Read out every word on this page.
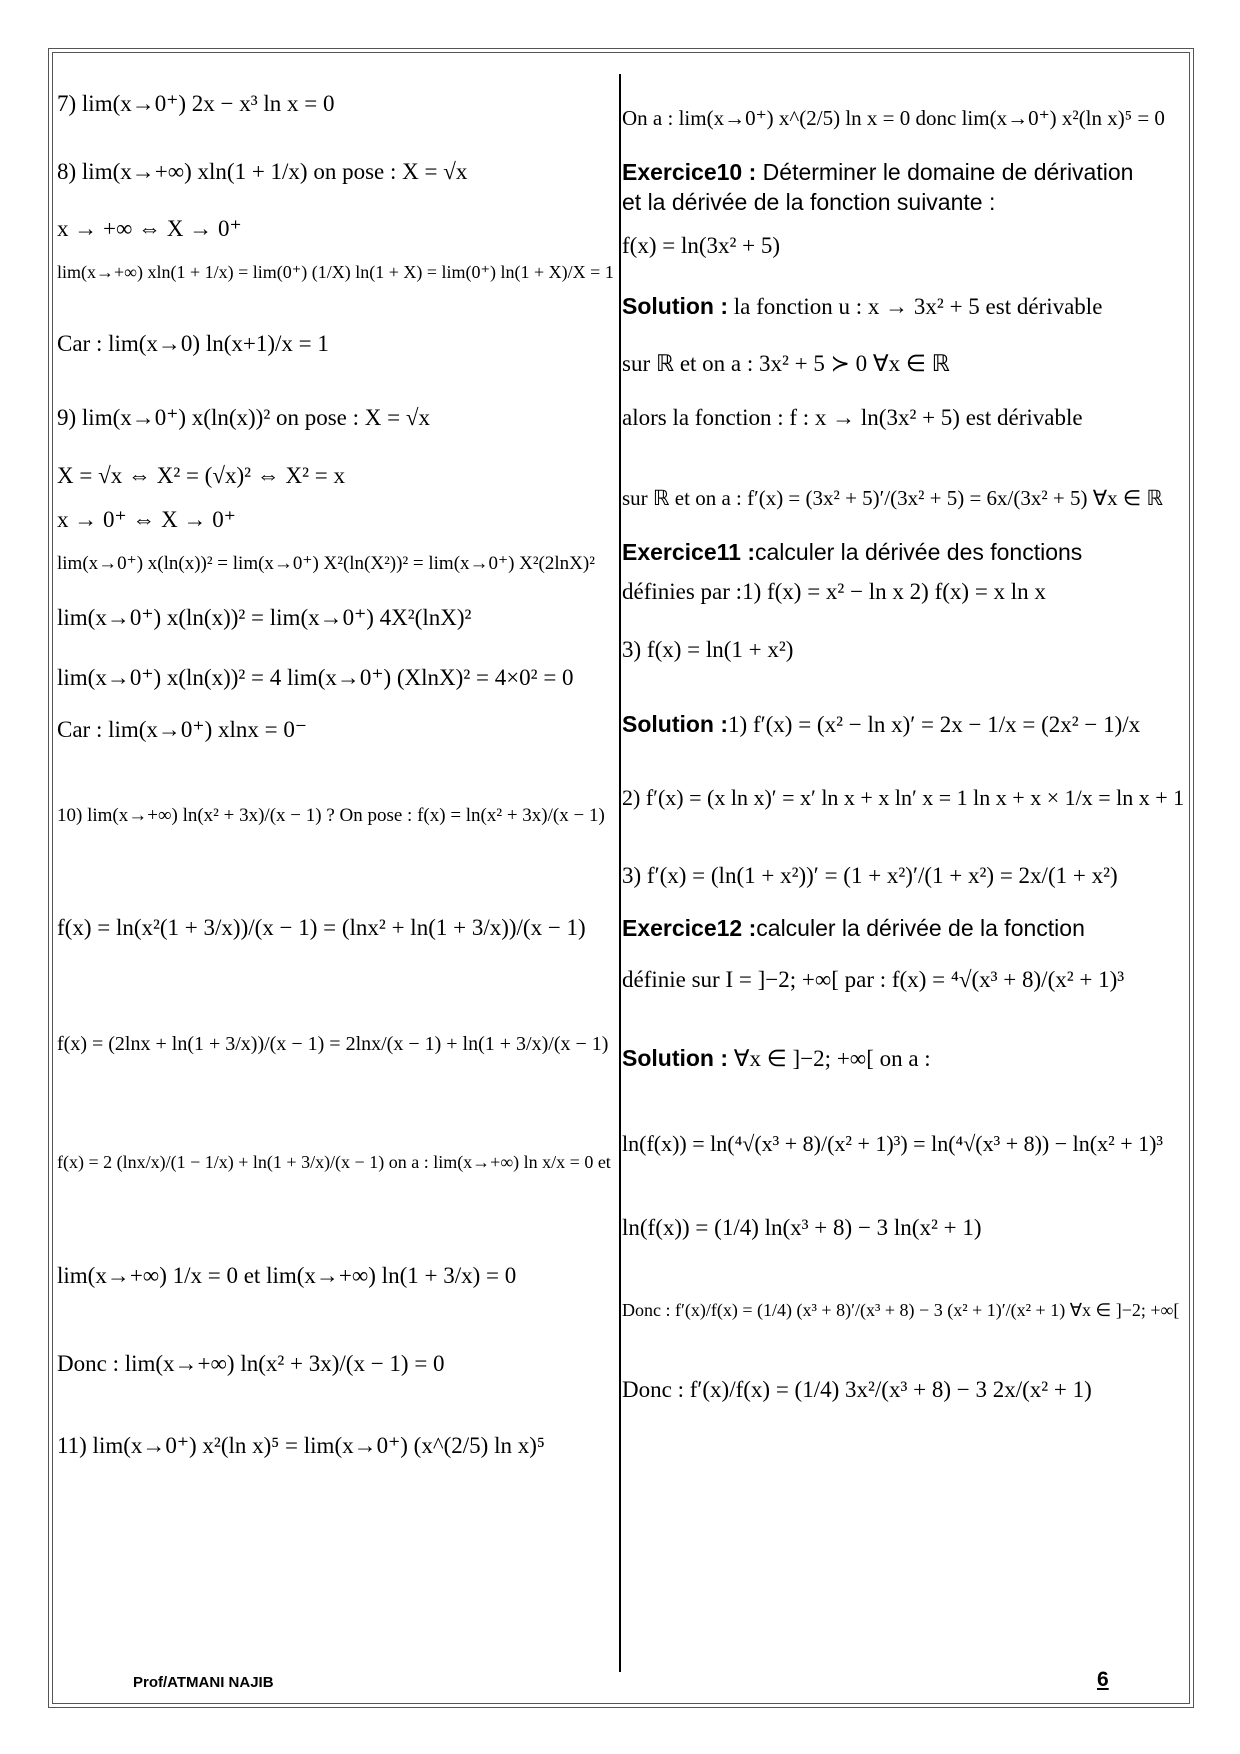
7) lim(x→0⁺) 2x − x³ ln x = 0
8) lim(x→+∞) xln(1 + 1/x) on pose : X = √x
x → +∞ ⇔ X → 0⁺
lim(x→+∞) xln(1 + 1/x) = lim(0⁺) (1/X) ln(1 + X) = lim(0⁺) ln(1 + X)/X = 1
Car : lim(x→0) ln(x+1)/x = 1
9) lim(x→0⁺) x(ln(x))² on pose : X = √x
X = √x ⇔ X² = (√x)² ⇔ X² = x
x → 0⁺ ⇔ X → 0⁺
lim(x→0⁺) x(ln(x))² = lim(x→0⁺) X²(ln(X²))² = lim(x→0⁺) X²(2lnX)²
lim(x→0⁺) x(ln(x))² = lim(x→0⁺) 4X²(lnX)²
lim(x→0⁺) x(ln(x))² = 4 lim(x→0⁺) (XlnX)² = 4×0² = 0
Car : lim(x→0⁺) xlnx = 0⁻
10) lim(x→+∞) ln(x² + 3x)/(x − 1) ? On pose : f(x) = ln(x² + 3x)/(x − 1)
f(x) = ln(x²(1 + 3/x))/(x − 1) = (lnx² + ln(1 + 3/x))/(x − 1)
f(x) = (2lnx + ln(1 + 3/x))/(x − 1) = 2lnx/(x − 1) + ln(1 + 3/x)/(x − 1)
f(x) = 2 (lnx/x)/(1 − 1/x) + ln(1 + 3/x)/(x − 1) on a : lim(x→+∞) ln x/x = 0 et
lim(x→+∞) 1/x = 0 et lim(x→+∞) ln(1 + 3/x) = 0
Donc : lim(x→+∞) ln(x² + 3x)/(x − 1) = 0
11) lim(x→0⁺) x²(ln x)⁵ = lim(x→0⁺) (x^(2/5) ln x)⁵
On a : lim(x→0⁺) x^(2/5) ln x = 0 donc lim(x→0⁺) x²(ln x)⁵ = 0
Exercice10 : Déterminer le domaine de dérivation
et la dérivée de la fonction suivante :
f(x) = ln(3x² + 5)
Solution : la fonction u : x → 3x² + 5 est dérivable
sur ℝ et on a : 3x² + 5 ≻ 0 ∀x ∈ ℝ
alors la fonction : f : x → ln(3x² + 5) est dérivable
sur ℝ et on a : f′(x) = (3x² + 5)′/(3x² + 5) = 6x/(3x² + 5) ∀x ∈ ℝ
Exercice11 :calculer la dérivée des fonctions
définies par :1) f(x) = x² − ln x 2) f(x) = x ln x
3) f(x) = ln(1 + x²)
Solution :1) f′(x) = (x² − ln x)′ = 2x − 1/x = (2x² − 1)/x
2) f′(x) = (x ln x)′ = x′ ln x + x ln′ x = 1 ln x + x × 1/x = ln x + 1
3) f′(x) = (ln(1 + x²))′ = (1 + x²)′/(1 + x²) = 2x/(1 + x²)
Exercice12 :calculer la dérivée de la fonction
définie sur I = ]−2; +∞[ par : f(x) = ⁴√(x³ + 8)/(x² + 1)³
Solution : ∀x ∈ ]−2; +∞[ on a :
ln(f(x)) = ln(⁴√(x³ + 8)/(x² + 1)³) = ln(⁴√(x³ + 8)) − ln(x² + 1)³
ln(f(x)) = (1/4) ln(x³ + 8) − 3 ln(x² + 1)
Donc : f′(x)/f(x) = (1/4) (x³ + 8)′/(x³ + 8) − 3 (x² + 1)′/(x² + 1) ∀x ∈ ]−2; +∞[
Donc : f′(x)/f(x) = (1/4) 3x²/(x³ + 8) − 3 2x/(x² + 1)
Prof/ATMANI NAJIB	6
